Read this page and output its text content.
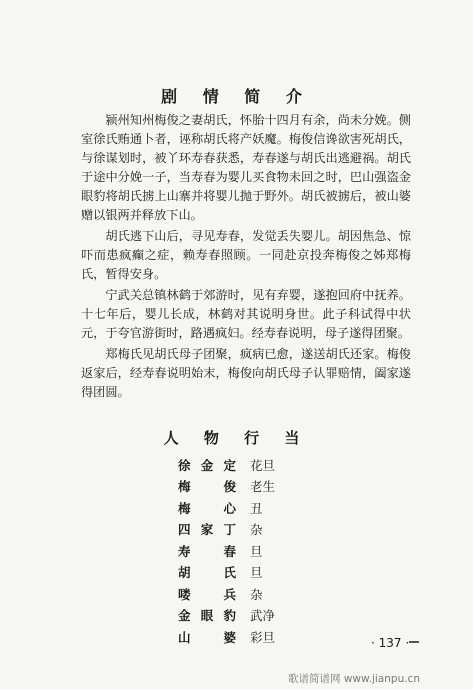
剧 情 简 介

颍州知州梅俊之妻胡氏，怀胎十四月有余，尚未分娩。侧室徐氏贿通卜者，诬称胡氏将产妖魔。梅俊信谗欲害死胡氏，与徐谋划时，被丫环寿春获悉，寿春遂与胡氏出逃避祸。胡氏于途中分娩一子，当寿春为婴儿买食物未回之时，巴山强盗金眼豹将胡氏掳上山寨并将婴儿抛于野外。胡氏被掳后，被山婆赠以银两并释放下山。

胡氏逃下山后，寻见寿春，发觉丢失婴儿。胡因焦急、惊吓而患疯癫之症，赖寿春照顾。一同赴京投奔梅俊之姊郑梅氏，暂得安身。

宁武关总镇林鹤于郊游时，见有弃婴，遂抱回府中抚养。十七年后，婴儿长成，林鹤对其说明身世。此子科试得中状元，于夸官游街时，路遇疯妇。经寿春说明，母子遂得团聚。

郑梅氏见胡氏母子团聚，疯病已愈，遂送胡氏还家。梅俊返家后，经寿春说明始末，梅俊向胡氏母子认罪赔情，阖家遂得团圆。

人 物 行 当
徐金定 花旦
梅俊 老生
梅心 丑
四家丁 杂
寿春 旦
胡氏 旦
喽兵 杂
金眼豹 武净
山婆 彩旦	· 137 ·
歌谱简谱网 www.jianpu.cn
